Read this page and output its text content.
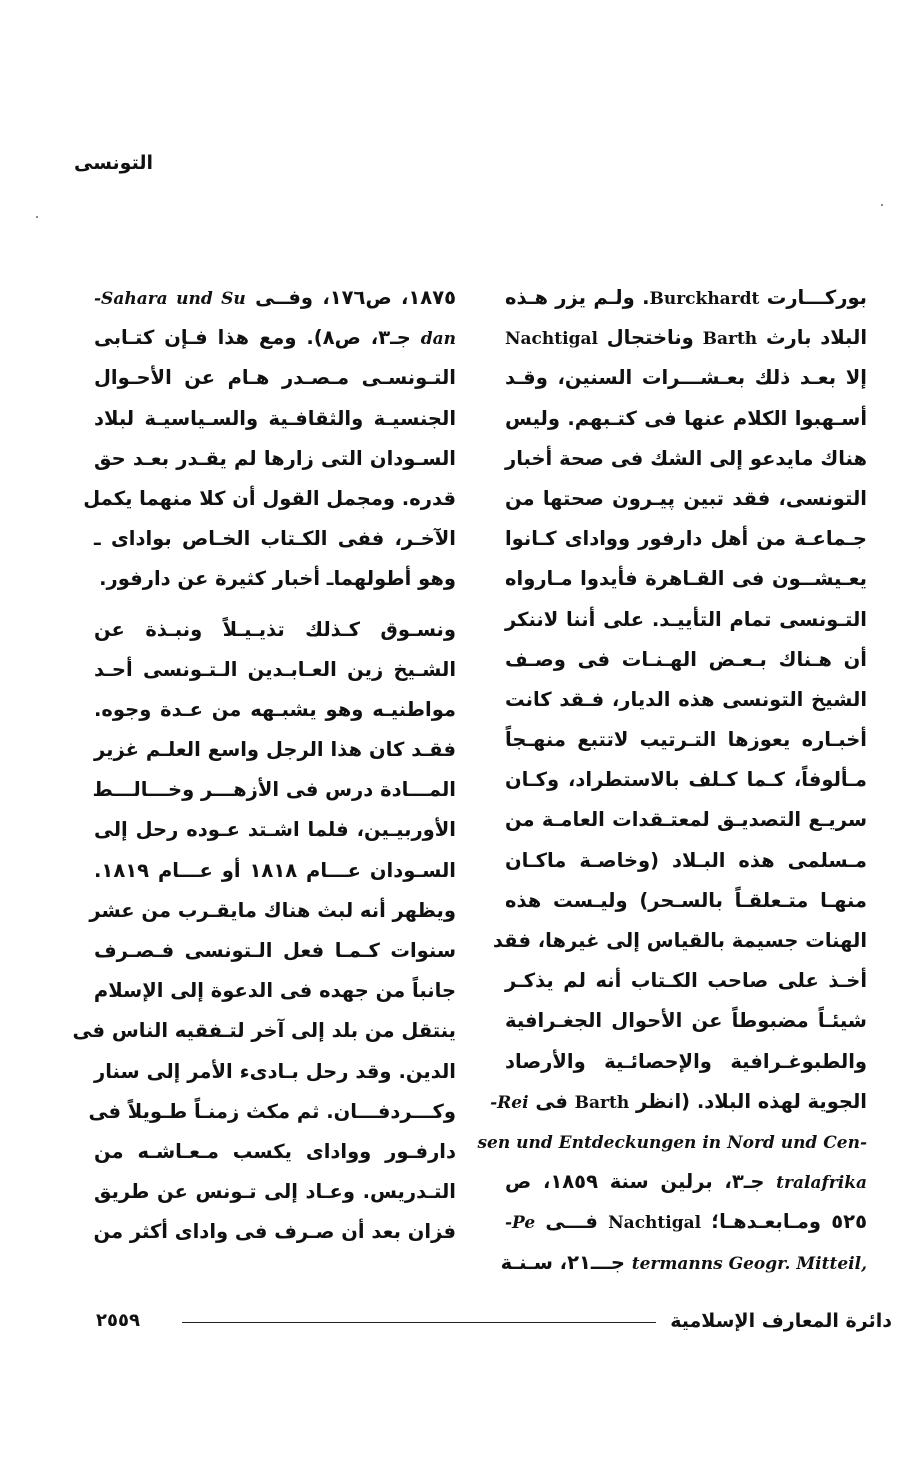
التونسى
بوركـــارت Burckhardt. ولـم يزر هـذه
البلاد بارث Barth وناختجال Nachtigal
إلا بعـد ذلك بعـشـــرات السنين، وقـد
أسـهبوا الكلام عنها فى كتـبهم. وليس
هناك مايدعو إلى الشك فى صحة أخبار
التونسى، فقد تبين پيـرون صحتها من
جـماعـة من أهل دارفور ووادای کـانوا
يعـيشــون فى القـاهرة فأيدوا مـارواه
التـونسى تمام التأييـد. على أننا لاننكر
أن هـناك بـعـض الهـنـات فى وصـف
الشيخ التونسى هذه الديار، فـقد كانت
أخبـاره يعوزها التـرتيب لاتتبع منهـجاً
مـألوفاً، كـما كـلف بالاستطراد، وكـان
سريـع التصديـق لمعتـقدات العامـة من
مـسلمى هذه البـلاد (وخاصـة ماكـان
منهـا متـعلقـاً بالسـحر) وليـست هذه
الهنات جسيمة بالقياس إلى غيرها، فقد
أخـذ على صاحب الكـتاب أنه لم يذكـر
شيئـاً مضبوطاً عن الأحوال الجغـرافية
والطبوغـرافية والإحصائـية والأرصاد
الجوية لهذه البلاد. (انظر Barth فى -Rei
sen und Entdeckungen in Nord und Cen-
tralafrika جـ٣، برلين سنة ١٨٥٩، ص
٥٢٥ ومـابعـدهـا؛ Nachtigal فـــى -Pe
termanns Geogr. Mitteil, جـــ٢١، سـنـة
١٨٧٥، ص١٧٦، وفــى -Sahara und Su
dan جـ٣، ص٨). ومع هذا فـإن كتـابى
التـونسـى مـصـدر هـام عن الأحـوال
الجنسيـة والثقافـية والسـياسيـة لبلاد
السـودان التى زارها لم يقـدر بعـد حق
قدره. ومجمل القول أن كلا منهما يكمل
الآخـر، ففى الكـتاب الخـاص بوادای ـ
وهو أطولهماـ أخبار كثيرة عن دارفور.
ونسـوق كـذلك تذيـيـلاً ونبـذة عن
الشـيخ زين العـابـدين الـتـونسى أحـد
مواطنيـه وهو يشبـهه من عـدة وجوه.
فقـد كان هذا الرجل واسع العلـم غزير
المـــادة درس فى الأزهـــر وخـــالـــط
الأوربيـين، فلما اشـتد عـوده رحل إلى
السـودان عـــام ١٨١٨ أو عـــام ١٨١٩.
ويظهر أنه لبث هناك مايقـرب من عشر
سنوات كـمـا فعل الـتونسى فـصـرف
جانباً من جهده فى الدعوة إلى الإسلام
ينتقل من بلد إلى آخر لتـفقيه الناس فى
الدين. وقد رحل بـادىء الأمر إلى سنار
وكـــردفـــان. ثم مكث زمنـاً طـويلاً فى
دارفـور ووادای يكسب مـعـاشـه من
التـدريس. وعـاد إلى تـونس عن طريق
فزان بعد أن صـرف فى وادای أكثر من
دائرة المعارف الإسلامية
٢٥٥٩
